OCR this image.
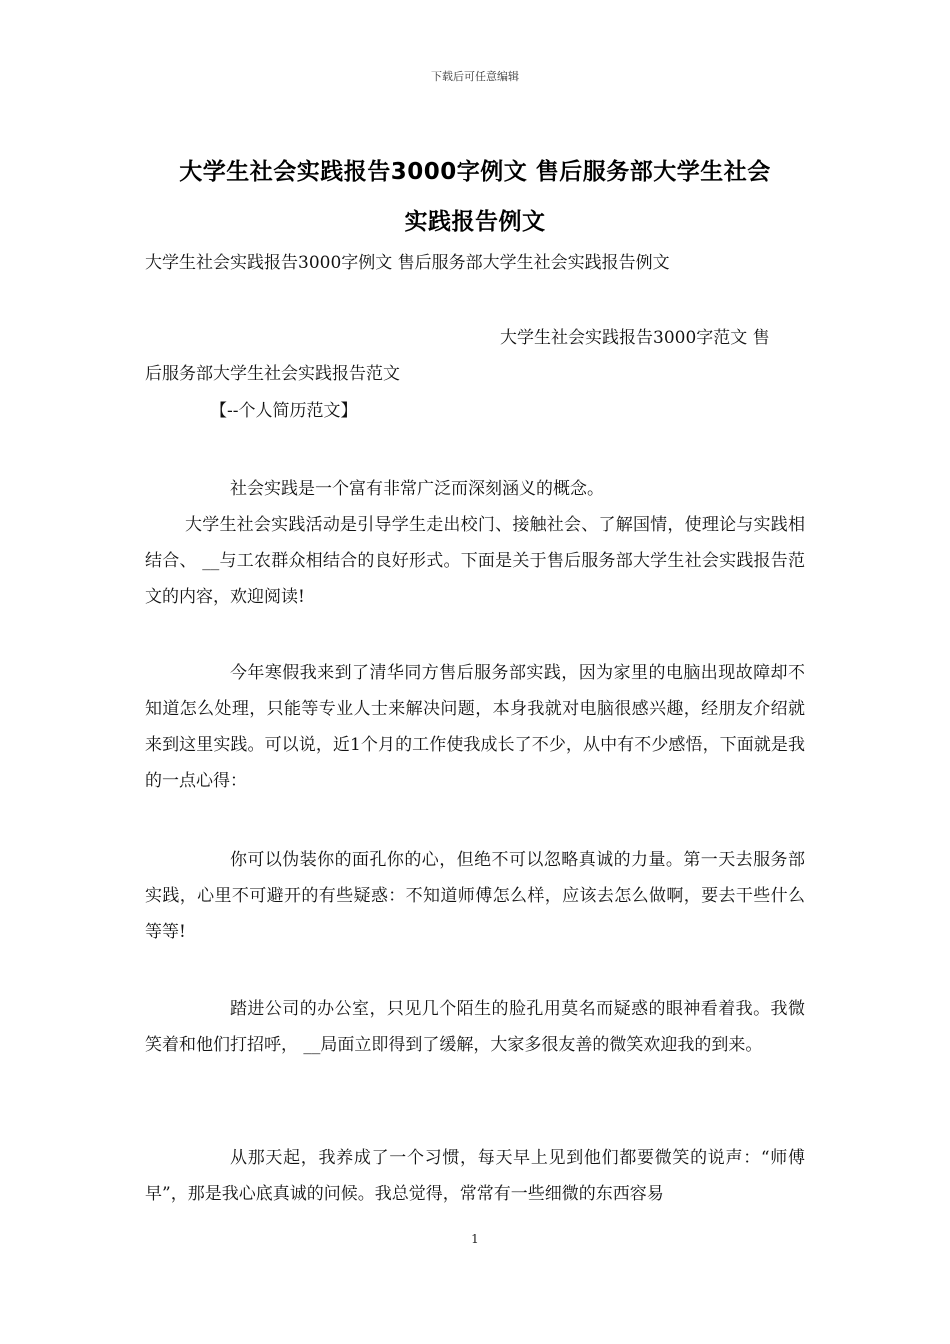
下载后可任意编辑
大学生社会实践报告3000字例文 售后服务部大学生社会
实践报告例文
大学生社会实践报告3000字例文 售后服务部大学生社会实践报告例文
大学生社会实践报告3000字范文 售
后服务部大学生社会实践报告范文
【--个人简历范文】

社会实践是一个富有非常广泛而深刻涵义的概念。

大学生社会实践活动是引导学生走出校门、接触社会、了解国情，使理论与实践相结合、 __与工农群众相结合的良好形式。下面是关于售后服务部大学生社会实践报告范文的内容，欢迎阅读!

今年寒假我来到了清华同方售后服务部实践，因为家里的电脑出现故障却不知道怎么处理，只能等专业人士来解决问题，本身我就对电脑很感兴趣，经朋友介绍就来到这里实践。可以说，近1个月的工作使我成长了不少，从中有不少感悟，下面就是我的一点心得：

你可以伪装你的面孔你的心，但绝不可以忽略真诚的力量。第一天去服务部实践，心里不可避开的有些疑惑：不知道师傅怎么样，应该去怎么做啊，要去干些什么等等!

踏进公司的办公室，只见几个陌生的脸孔用莫名而疑惑的眼神看着我。我微笑着和他们打招呼， __局面立即得到了缓解，大家多很友善的微笑欢迎我的到来。

从那天起，我养成了一个习惯，每天早上见到他们都要微笑的说声：“师傅早”，那是我心底真诚的问候。我总觉得，常常有一些细微的东西容易

1
